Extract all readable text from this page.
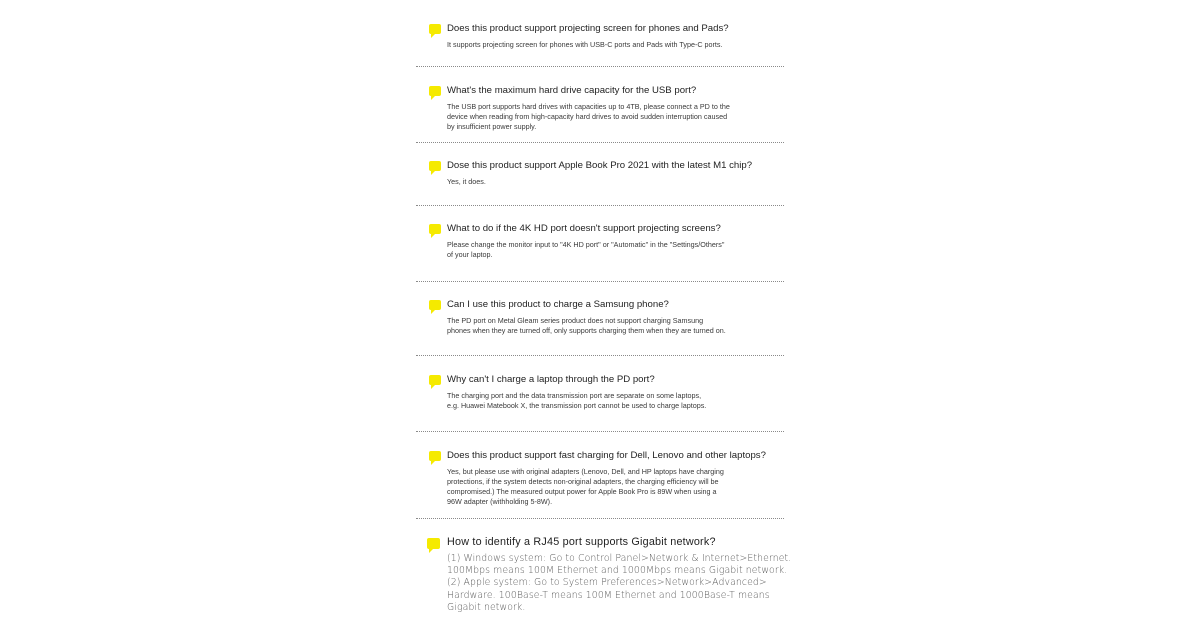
Does this product support projecting screen for phones and Pads?

It supports projecting screen for phones with USB-C ports and Pads with Type-C ports.

What's the maximum hard drive capacity for the USB port?

The USB port supports hard drives with capacities up to 4TB, please connect a PD to the
device when reading from high-capacity hard drives to avoid sudden interruption caused
by insufficient power supply.

Dose this product support Apple Book Pro 2021 with the latest M1 chip?

Yes, it does.

What to do if the 4K HD port doesn't support projecting screens?

Please change the monitor input to "4K HD port" or "Automatic" in the "Settings/Others"
of your laptop.

Can I use this product to charge a Samsung phone?

The PD port on Metal Gleam series product does not support charging Samsung
phones when they are turned off, only supports charging them when they are turned on.

Why can't I charge a laptop through the PD port?

The charging port and the data transmission port are separate on some laptops,
e.g. Huawei Matebook X, the transmission port cannot be used to charge laptops.

Does this product support fast charging for Dell, Lenovo and other laptops?

Yes, but please use with original adapters (Lenovo, Dell, and HP laptops have charging
protections, if the system detects non-original adapters, the charging efficiency will be
compromised.) The measured output power for Apple Book Pro is 89W when using a
96W adapter (withholding 5-8W).

How to identify a RJ45 port supports Gigabit network?

(1) Windows system: Go to Control Panel>Network & Internet>Ethernet.
100Mbps means 100M Ethernet and 1000Mbps means Gigabit network.
(2) Apple system: Go to System Preferences>Network>Advanced>
Hardware. 100Base-T means 100M Ethernet and 1000Base-T means
Gigabit network.
